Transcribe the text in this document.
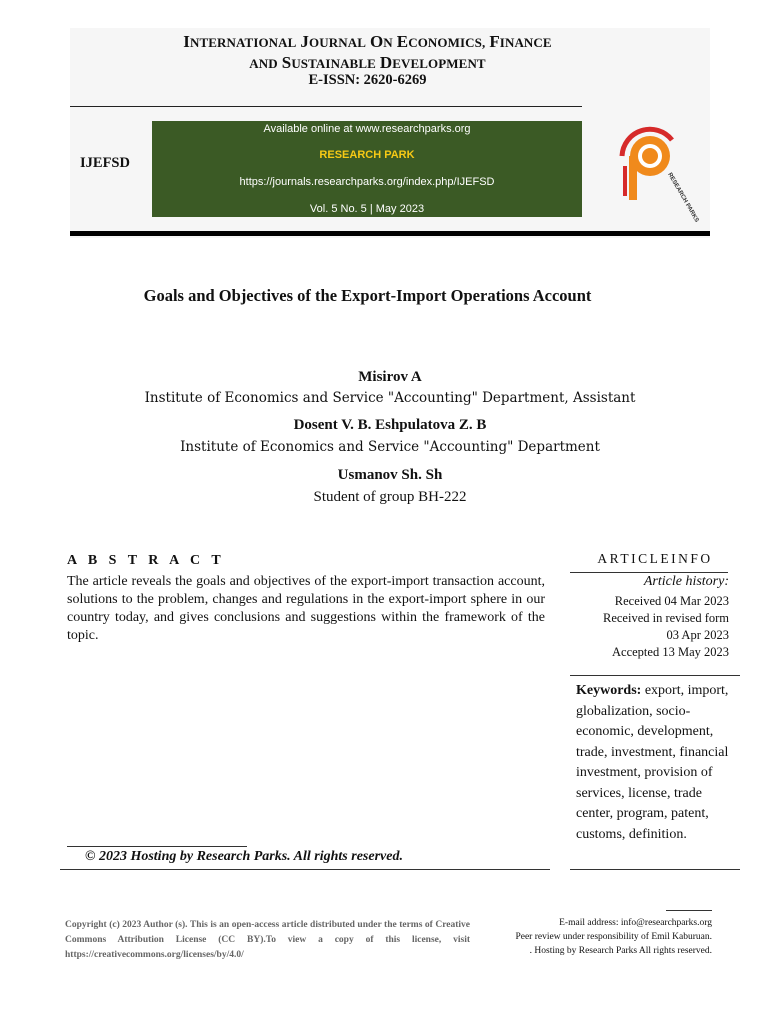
INTERNATIONAL JOURNAL ON ECONOMICS, FINANCE
AND SUSTAINABLE DEVELOPMENT
E-ISSN: 2620-6269
IJEFSD
Available online at www.researchparks.org
RESEARCH PARK
https://journals.researchparks.org/index.php/IJEFSD
Vol. 5 No. 5 | May 2023	RESEARCH PARKS
Goals and Objectives of the Export-Import Operations Account
Misirov A
Institute of Economics and Service "Accounting" Department, Assistant
Dosent V. B. Eshpulatova Z. B
Institute of Economics and Service "Accounting" Department
Usmanov Sh. Sh
Student of group BH-222
A B S T R A C T
The article reveals the goals and objectives of the export-import transaction account, solutions to the problem, changes and regulations in the export-import sphere in our country today, and gives conclusions and suggestions within the framework of the topic.
ARTICLEINFO
Article history:
Received 04 Mar 2023
Received in revised form
03 Apr 2023
Accepted 13 May 2023
Keywords: export, import, globalization, socio-economic, development, trade, investment, financial investment, provision of services, license, trade center, program, patent, customs, definition.
© 2023 Hosting by Research Parks. All rights reserved.
Copyright (c) 2023 Author (s). This is an open-access article distributed under the terms of Creative Commons Attribution License (CC BY).To view a copy of this license, visit https://creativecommons.org/licenses/by/4.0/
E-mail address: info@researchparks.org
Peer review under responsibility of Emil Kaburuan.
. Hosting by Research Parks All rights reserved.
